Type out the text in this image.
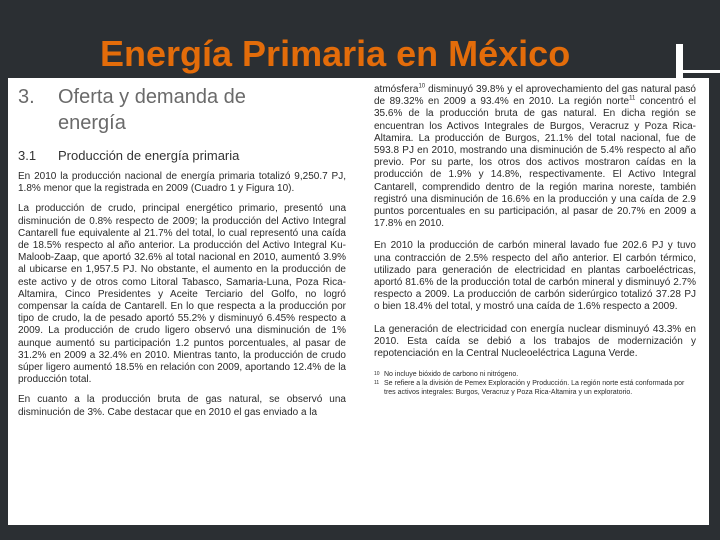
Energía Primaria en México
3. Oferta y demanda de
energía
3.1 Producción de energía primaria

En 2010 la producción nacional de energía primaria totalizó 9,250.7 PJ, 1.8% menor que la registrada en 2009 (Cuadro 1 y Figura 10).

La producción de crudo, principal energético primario, presentó una disminución de 0.8% respecto de 2009; la producción del Activo Integral Cantarell fue equivalente al 21.7% del total, lo cual representó una caída de 18.5% respecto al año anterior. La producción del Activo Integral Ku-Maloob-Zaap, que aportó 32.6% al total nacional en 2010, aumentó 3.9% al ubicarse en 1,957.5 PJ. No obstante, el aumento en la producción de este activo y de otros como Litoral Tabasco, Samaria-Luna, Poza Rica-Altamira, Cinco Presidentes y Aceite Terciario del Golfo, no logró compensar la caída de Cantarell. En lo que respecta a la producción por tipo de crudo, la de pesado aportó 55.2% y disminuyó 6.45% respecto a 2009. La producción de crudo ligero observó una disminución de 1% aunque aumentó su participación 1.2 puntos porcentuales, al pasar de 31.2% en 2009 a 32.4% en 2010. Mientras tanto, la producción de crudo súper ligero aumentó 18.5% en relación con 2009, aportando 12.4% de la producción total.

En cuanto a la producción bruta de gas natural, se observó una disminución de 3%. Cabe destacar que en 2010 el gas enviado a la

atmósfera$^{10}$ disminuyó 39.8% y el aprovechamiento del gas natural pasó de 89.32% en 2009 a 93.4% en 2010. La región norte$^{11}$ concentró el 35.6% de la producción bruta de gas natural. En dicha región se encuentran los Activos Integrales de Burgos, Veracruz y Poza Rica-Altamira. La producción de Burgos, 21.1% del total nacional, fue de 593.8 PJ en 2010, mostrando una disminución de 5.4% respecto al año previo. Por su parte, los otros dos activos mostraron caídas en la producción de 1.9% y 14.8%, respectivamente. El Activo Integral Cantarell, comprendido dentro de la región marina noreste, también registró una disminución de 16.6% en la producción y una caída de 2.9 puntos porcentuales en su participación, al pasar de 20.7% en 2009 a 17.8% en 2010.

En 2010 la producción de carbón mineral lavado fue 202.6 PJ y tuvo una contracción de 2.5% respecto del año anterior. El carbón térmico, utilizado para generación de electricidad en plantas carboeléctricas, aportó 81.6% de la producción total de carbón mineral y disminuyó 2.7% respecto a 2009. La producción de carbón siderúrgico totalizó 37.28 PJ o bien 18.4% del total, y mostró una caída de 1.6% respecto a 2009.

La generación de electricidad con energía nuclear disminuyó 43.3% en 2010. Esta caída se debió a los trabajos de modernización y repotenciación en la Central Nucleoeléctrica Laguna Verde.

10 No incluye bióxido de carbono ni nitrógeno.

11 Se refiere a la división de Pemex Exploración y Producción. La región norte está conformada por tres activos integrales: Burgos, Veracruz y Poza Rica-Altamira y un exploratorio.
